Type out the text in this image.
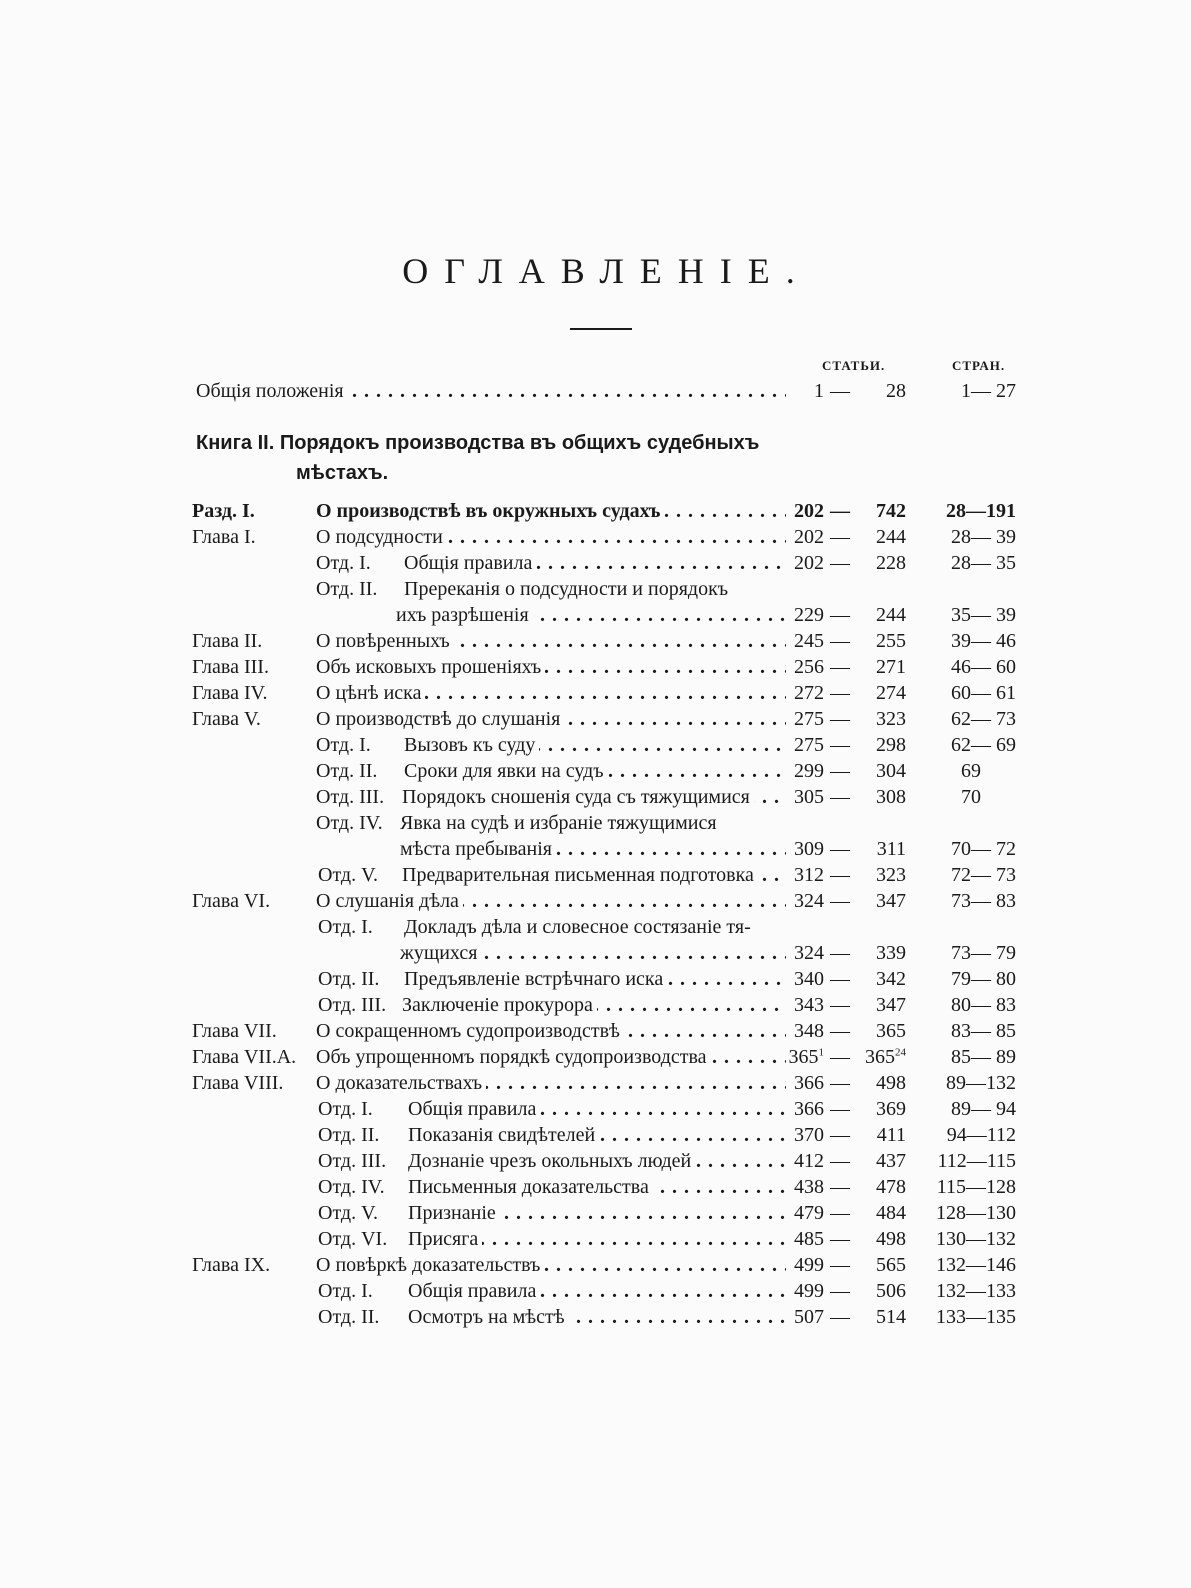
ОГЛАВЛЕНІЕ.
СТАТЬИ.	СТРАН.
Общія положенія . . .	1 —	28	1— 27
Книга II. Порядокъ производства въ общихъ судебныхъ
мѣстахъ.
Разд. I.	О производствѣ въ окружныхъ судахъ . . .	202 —	742	28—191
Глава I.	О подсудности . . .	202 —	244	28— 39
Отд. I. Общія правила . . .	202 —	228	28— 35
Отд. II. Пререканія о подсудности и порядокъ
ихъ разрѣшенія . . .	229 —	244	35— 39
Глава II.	О повѣренныхъ . . .	245 —	255	39— 46
Глава III. Объ исковыхъ прошеніяхъ . . .	256 —	271	46— 60
Глава IV. О цѣнѣ иска . . .	272 —	274	60— 61
Глава V.	О производствѣ до слушанія . . .	275 —	323	62— 73
Отд. I. Вызовъ къ суду . . .	275 —	298	62— 69
Отд. II. Сроки для явки на судъ . . .	299 —	304	69
Отд. III. Порядокъ сношенія суда съ тяжущимися . . .	305 —	308	70
Отд. IV. Явка на судѣ и избраніе тяжущимися
мѣста пребыванія . . .	309 —	311	70— 72
Отд. V. Предварительная письменная подготовка . . .	312 —	323	72— 73
Глава VI. О слушанія дѣла . . .	324 —	347	73— 83
Отд. I. Докладъ дѣла и словесное состязаніе тя-
жущихся . . .	324 —	339	73— 79
Отд. II. Предъявленіе встрѣчнаго иска . . .	340 —	342	79— 80
Отд. III. Заключеніе прокурора . . .	343 —	347	80— 83
Глава VII. О сокращенномъ судопроизводствѣ . . .	348 —	365	83— 85
Глава VII.А. Объ упрощенномъ порядкѣ судопроизводства . . .	$365^1$ — $365^{24}$	85— 89
Глава VIII. О доказательствахъ . . .	366 —	498	89—132
Отд. I. Общія правила . . .	366 —	369	89— 94
Отд. II. Показанія свидѣтелей . . .	370 —	411	94—112
Отд. III. Дознаніе чрезъ окольныхъ людей . . .	412 —	437	112—115
Отд. IV. Письменныя доказательства . . .	438 —	478	115—128
Отд. V. Признаніе . . .	479 —	484	128—130
Отд. VI. Присяга . . .	485 —	498	130—132
Глава IX. О повѣркѣ доказательствъ . . .	499 —	565	132—146
Отд. I. Общія правила . . .	499 —	506	132—133
Отд. II. Осмотръ на мѣстѣ . . .	507 —	514	133—135
